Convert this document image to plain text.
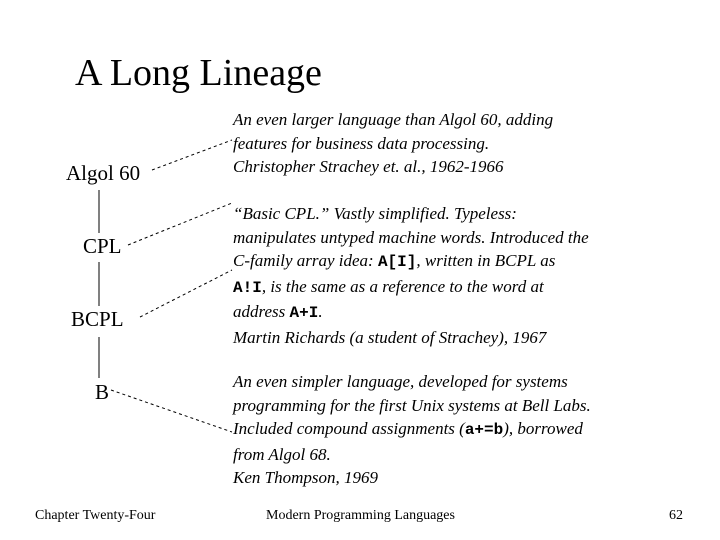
A Long Lineage
Algol 60
CPL
BCPL
B
An even larger language than Algol 60, adding
features for business data processing.
Christopher Strachey et. al., 1962-1966
“Basic CPL.” Vastly simplified. Typeless:
manipulates untyped machine words. Introduced the
C-family array idea: A[I], written in BCPL as
A!I, is the same as a reference to the word at
address A+I.
Martin Richards (a student of Strachey), 1967
An even simpler language, developed for systems
programming for the first Unix systems at Bell Labs.
Included compound assignments (a+=b), borrowed
from Algol 68.
Ken Thompson, 1969
Chapter Twenty-Four	Modern Programming Languages	62
